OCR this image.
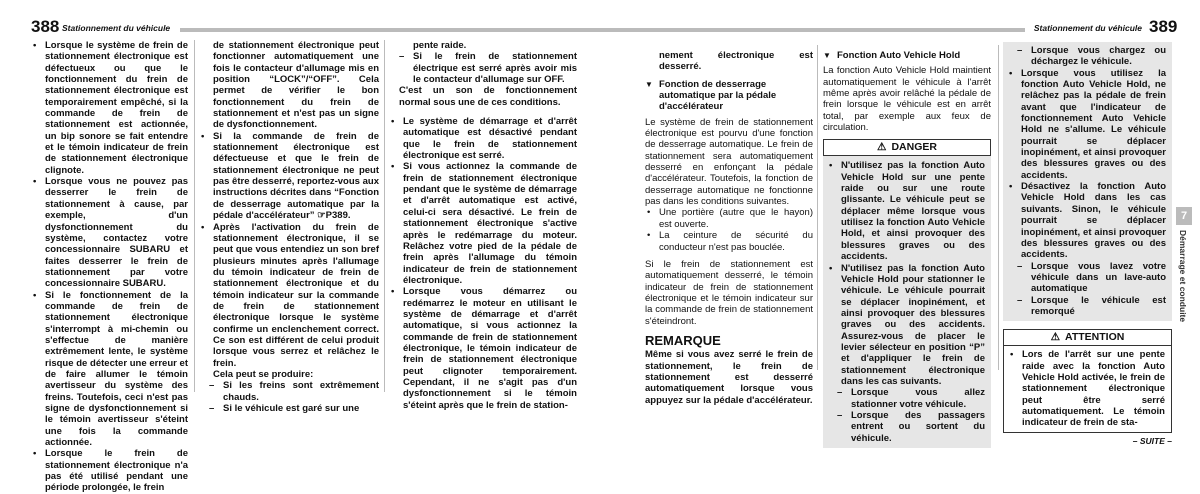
388 Stationnement du véhicule
• Lorsque le système de frein de stationnement électronique est défectueux ou que le fonctionnement du frein de stationnement électronique est temporairement empêché, si la commande de frein de stationnement est actionnée, un bip sonore se fait entendre et le témoin indicateur de frein de stationnement électronique clignote.
• Lorsque vous ne pouvez pas desserrer le frein de stationnement à cause, par exemple, d'un dysfonctionnement du système, contactez votre concessionnaire SUBARU et faites desserrer le frein de stationnement par votre concessionnaire SUBARU.
• Si le fonctionnement de la commande de frein de stationnement électronique s'interrompt à mi-chemin ou s'effectue de manière extrêmement lente, le système risque de détecter une erreur et de faire allumer le témoin avertisseur du système des freins. Toutefois, ceci n'est pas signe de dysfonctionnement si le témoin avertisseur s'éteint une fois la commande actionnée.
• Lorsque le frein de stationnement électronique n'a pas été utilisé pendant une période prolongée, le frein

de stationnement électronique peut fonctionner automatiquement une fois le contacteur d'allumage mis en position “LOCK”/“OFF”. Cela permet de vérifier le bon fonctionnement du frein de stationnement et n'est pas un signe de dysfonctionnement.

• Si la commande de frein de stationnement électronique est défectueuse et que le frein de stationnement électronique ne peut pas être desserré, reportez-vous aux instructions décrites dans “Fonction de desserrage automatique par la pédale d'accélérateur” ☞P389.
• Après l'activation du frein de stationnement électronique, il se peut que vous entendiez un son bref plusieurs minutes après l'allumage du témoin indicateur de frein de stationnement électronique et du témoin indicateur sur la commande de frein de stationnement électronique lorsque le système confirme un enclenchement correct. Ce son est différent de celui produit lorsque vous serrez et relâchez le frein.

Cela peut se produire:

– Si les freins sont extrêmement chauds.
– Si le véhicule est garé sur une

pente raide.

– Si le frein de stationnement électrique est serré après avoir mis le contacteur d'allumage sur OFF.

C'est un son de fonctionnement normal sous une de ces conditions.

• Le système de démarrage et d'arrêt automatique est désactivé pendant que le frein de stationnement électronique est serré.
• Si vous actionnez la commande de frein de stationnement électronique pendant que le système de démarrage et d'arrêt automatique est activé, celui-ci sera désactivé. Le frein de stationnement électronique s'active après le redémarrage du moteur. Relâchez votre pied de la pédale de frein après l'allumage du témoin indicateur de frein de stationnement électronique.
• Lorsque vous démarrez ou redémarrez le moteur en utilisant le système de démarrage et d'arrêt automatique, si vous actionnez la commande de frein de stationnement électronique, le témoin indicateur de frein de stationnement électronique peut clignoter temporairement. Cependant, il ne s'agit pas d'un dysfonctionnement si le témoin s'éteint après que le frein de station-
Stationnement du véhicule 389

nement électronique est desserré.

▼ Fonction de desserrage automatique par la pédale d'accélérateur

Le système de frein de stationnement électronique est pourvu d'une fonction de desserrage automatique. Le frein de stationnement sera automatiquement desserré en enfonçant la pédale d'accélérateur. Toutefois, la fonction de desserrage automatique ne fonctionne pas dans les conditions suivantes.

• Une portière (autre que le hayon) est ouverte.
• La ceinture de sécurité du conducteur n'est pas bouclée.

Si le frein de stationnement est automatiquement desserré, le témoin indicateur de frein de stationnement électronique et le témoin indicateur sur la commande de frein de stationnement s'éteindront.

REMARQUE

Même si vous avez serré le frein de stationnement, le frein de stationnement est desserré automatiquement lorsque vous appuyez sur la pédale d'accélérateur.

▼ Fonction Auto Vehicle Hold

La fonction Auto Vehicle Hold maintient automatiquement le véhicule à l'arrêt même après avoir relâché la pédale de frein lorsque le véhicule est en arrêt total, par exemple aux feux de circulation.

⚠ DANGER
• N'utilisez pas la fonction Auto Vehicle Hold sur une pente raide ou sur une route glissante. Le véhicule peut se déplacer même lorsque vous utilisez la fonction Auto Vehicle Hold, et ainsi provoquer des blessures graves ou des accidents.
• N'utilisez pas la fonction Auto Vehicle Hold pour stationner le véhicule. Le véhicule pourrait se déplacer inopinément, et ainsi provoquer des blessures graves ou des accidents. Assurez-vous de placer le levier sélecteur en position “P” et d'appliquer le frein de stationnement électronique dans les cas suivants.
– Lorsque vous allez stationner votre véhicule.
– Lorsque des passagers entrent ou sortent du véhicule.
– Lorsque vous chargez ou déchargez le véhicule.
• Lorsque vous utilisez la fonction Auto Vehicle Hold, ne relâchez pas la pédale de frein avant que l'indicateur de fonctionnement Auto Vehicle Hold ne s'allume. Le véhicule pourrait se déplacer inopinément, et ainsi provoquer des blessures graves ou des accidents.
• Désactivez la fonction Auto Vehicle Hold dans les cas suivants. Sinon, le véhicule pourrait se déplacer inopinément, et ainsi provoquer des blessures graves ou des accidents.
– Lorsque vous lavez votre véhicule dans un lave-auto automatique
– Lorsque le véhicule est remorqué
⚠ ATTENTION
• Lors de l'arrêt sur une pente raide avec la fonction Auto Vehicle Hold activée, le frein de stationnement électronique peut être serré automatiquement. Le témoin indicateur de frein de sta-
– SUITE –
7
Démarrage et conduite
